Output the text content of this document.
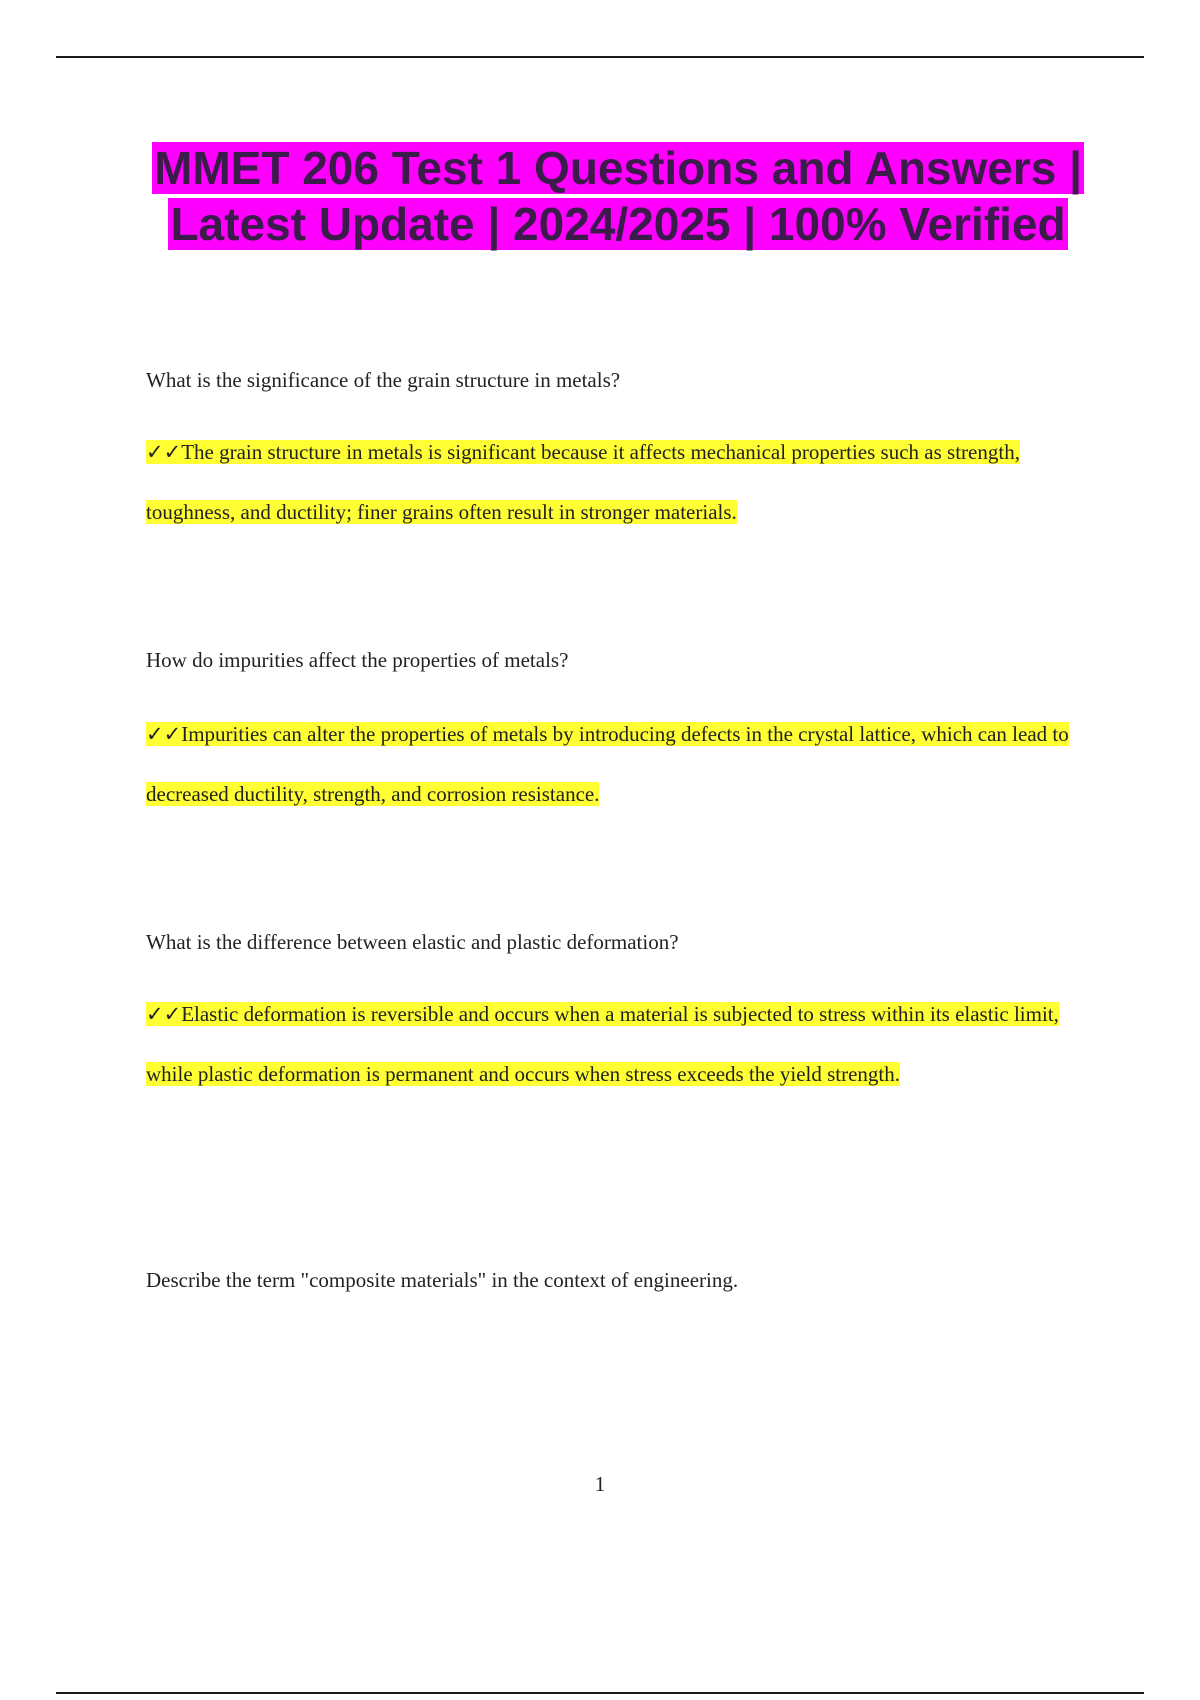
MMET 206 Test 1 Questions and Answers | Latest Update | 2024/2025 | 100% Verified

What is the significance of the grain structure in metals?

✓✓The grain structure in metals is significant because it affects mechanical properties such as strength, toughness, and ductility; finer grains often result in stronger materials.

How do impurities affect the properties of metals?

✓✓Impurities can alter the properties of metals by introducing defects in the crystal lattice, which can lead to decreased ductility, strength, and corrosion resistance.

What is the difference between elastic and plastic deformation?

✓✓Elastic deformation is reversible and occurs when a material is subjected to stress within its elastic limit, while plastic deformation is permanent and occurs when stress exceeds the yield strength.

Describe the term "composite materials" in the context of engineering.

1
